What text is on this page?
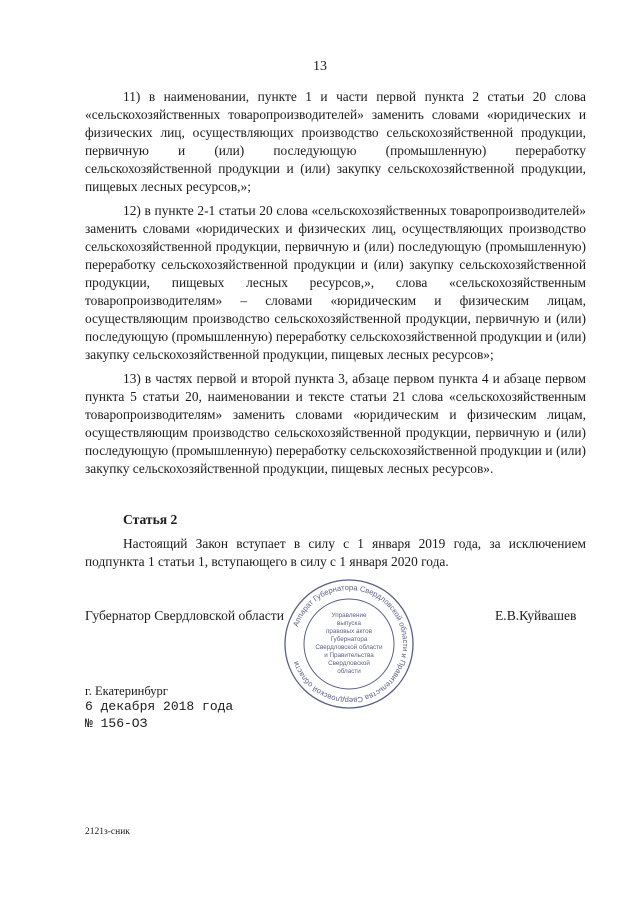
13

11) в наименовании, пункте 1 и части первой пункта 2 статьи 20 слова «сельскохозяйственных товаропроизводителей» заменить словами «юридических и физических лиц, осуществляющих производство сельскохозяйственной продукции, первичную и (или) последующую (промышленную) переработку сельскохозяйственной продукции и (или) закупку сельскохозяйственной продукции, пищевых лесных ресурсов,»;

12) в пункте 2-1 статьи 20 слова «сельскохозяйственных товаропроизводителей» заменить словами «юридических и физических лиц, осуществляющих производство сельскохозяйственной продукции, первичную и (или) последующую (промышленную) переработку сельскохозяйственной продукции и (или) закупку сельскохозяйственной продукции, пищевых лесных ресурсов,», слова «сельскохозяйственным товаропроизводителям» – словами «юридическим и физическим лицам, осуществляющим производство сельскохозяйственной продукции, первичную и (или) последующую (промышленную) переработку сельскохозяйственной продукции и (или) закупку сельскохозяйственной продукции, пищевых лесных ресурсов»;

13) в частях первой и второй пункта 3, абзаце первом пункта 4 и абзаце первом пункта 5 статьи 20, наименовании и тексте статьи 21 слова «сельскохозяйственным товаропроизводителям» заменить словами «юридическим и физическим лицам, осуществляющим производство сельскохозяйственной продукции, первичную и (или) последующую (промышленную) переработку сельскохозяйственной продукции и (или) закупку сельскохозяйственной продукции, пищевых лесных ресурсов».

Статья 2

Настоящий Закон вступает в силу с 1 января 2019 года, за исключением подпункта 1 статьи 1, вступающего в силу с 1 января 2020 года.

Губернатор Свердловской области	Е.В.Куйвашев
Аппарат Губернатора Свердловской области и Правительства Свердловской области
Управление
выпуска
правовых актов
Губернатора
Свердловской области
и Правительства
Свердловской
области
г. Екатеринбург
6 декабря 2018 года
№ 156-ОЗ
2121з-сник
